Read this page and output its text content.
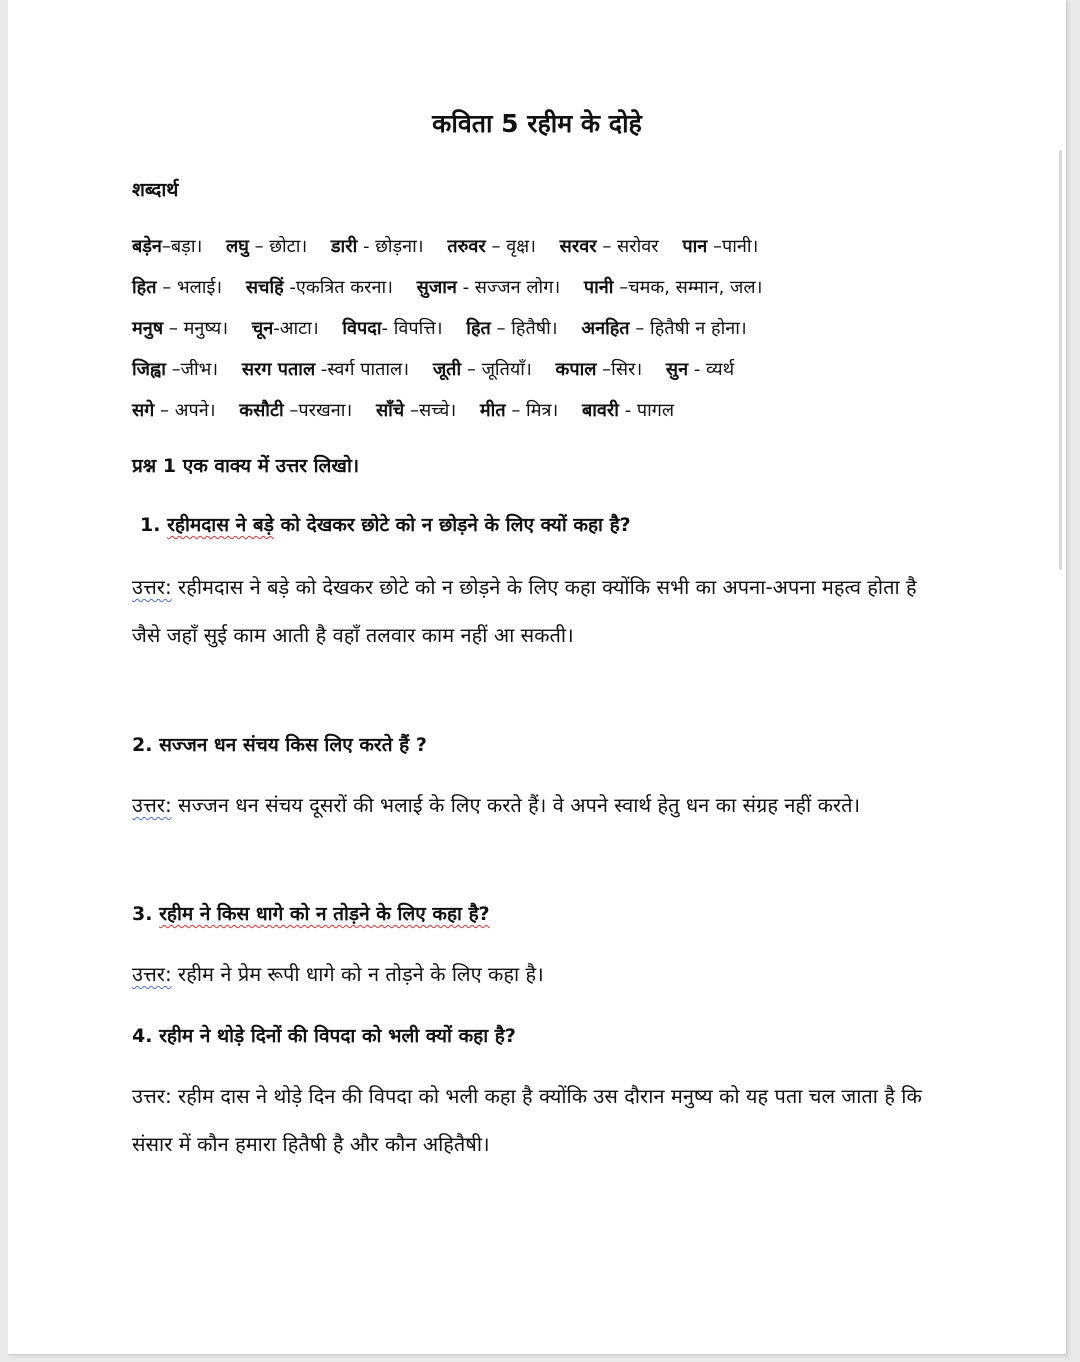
कविता 5 रहीम के दोहे
शब्दार्थ
बड़ेन–बड़ा। लघु – छोटा। डारी - छोड़ना। तरुवर – वृक्ष। सरवर – सरोवर पान –पानी।
हित – भलाई। सचहिं -एकत्रित करना। सुजान - सज्जन लोग। पानी –चमक, सम्मान, जल।
मनुष – मनुष्य। चून-आटा। विपदा- विपत्ति। हित – हितैषी। अनहित – हितैषी न होना।
जिह्वा –जीभ। सरग पताल -स्वर्ग पाताल। जूती – जूतियाँ। कपाल –सिर। सुन - व्यर्थ
सगे – अपने। कसौटी –परखना। साँचे –सच्चे। मीत – मित्र। बावरी - पागल
प्रश्न 1 एक वाक्य में उत्तर लिखो।

1. रहीमदास ने बड़े को देखकर छोटे को न छोड़ने के लिए क्यों कहा है?

उत्तर: रहीमदास ने बड़े को देखकर छोटे को न छोड़ने के लिए कहा क्योंकि सभी का अपना-अपना महत्व होता है जैसे जहाँ सुई काम आती है वहाँ तलवार काम नहीं आ सकती।

2. सज्जन धन संचय किस लिए करते हैं ?

उत्तर: सज्जन धन संचय दूसरों की भलाई के लिए करते हैं। वे अपने स्वार्थ हेतु धन का संग्रह नहीं करते।

3. रहीम ने किस धागे को न तोड़ने के लिए कहा है?

उत्तर: रहीम ने प्रेम रूपी धागे को न तोड़ने के लिए कहा है।

4. रहीम ने थोड़े दिनों की विपदा को भली क्यों कहा है?

उत्तर: रहीम दास ने थोड़े दिन की विपदा को भली कहा है क्योंकि उस दौरान मनुष्य को यह पता चल जाता है कि संसार में कौन हमारा हितैषी है और कौन अहितैषी।
